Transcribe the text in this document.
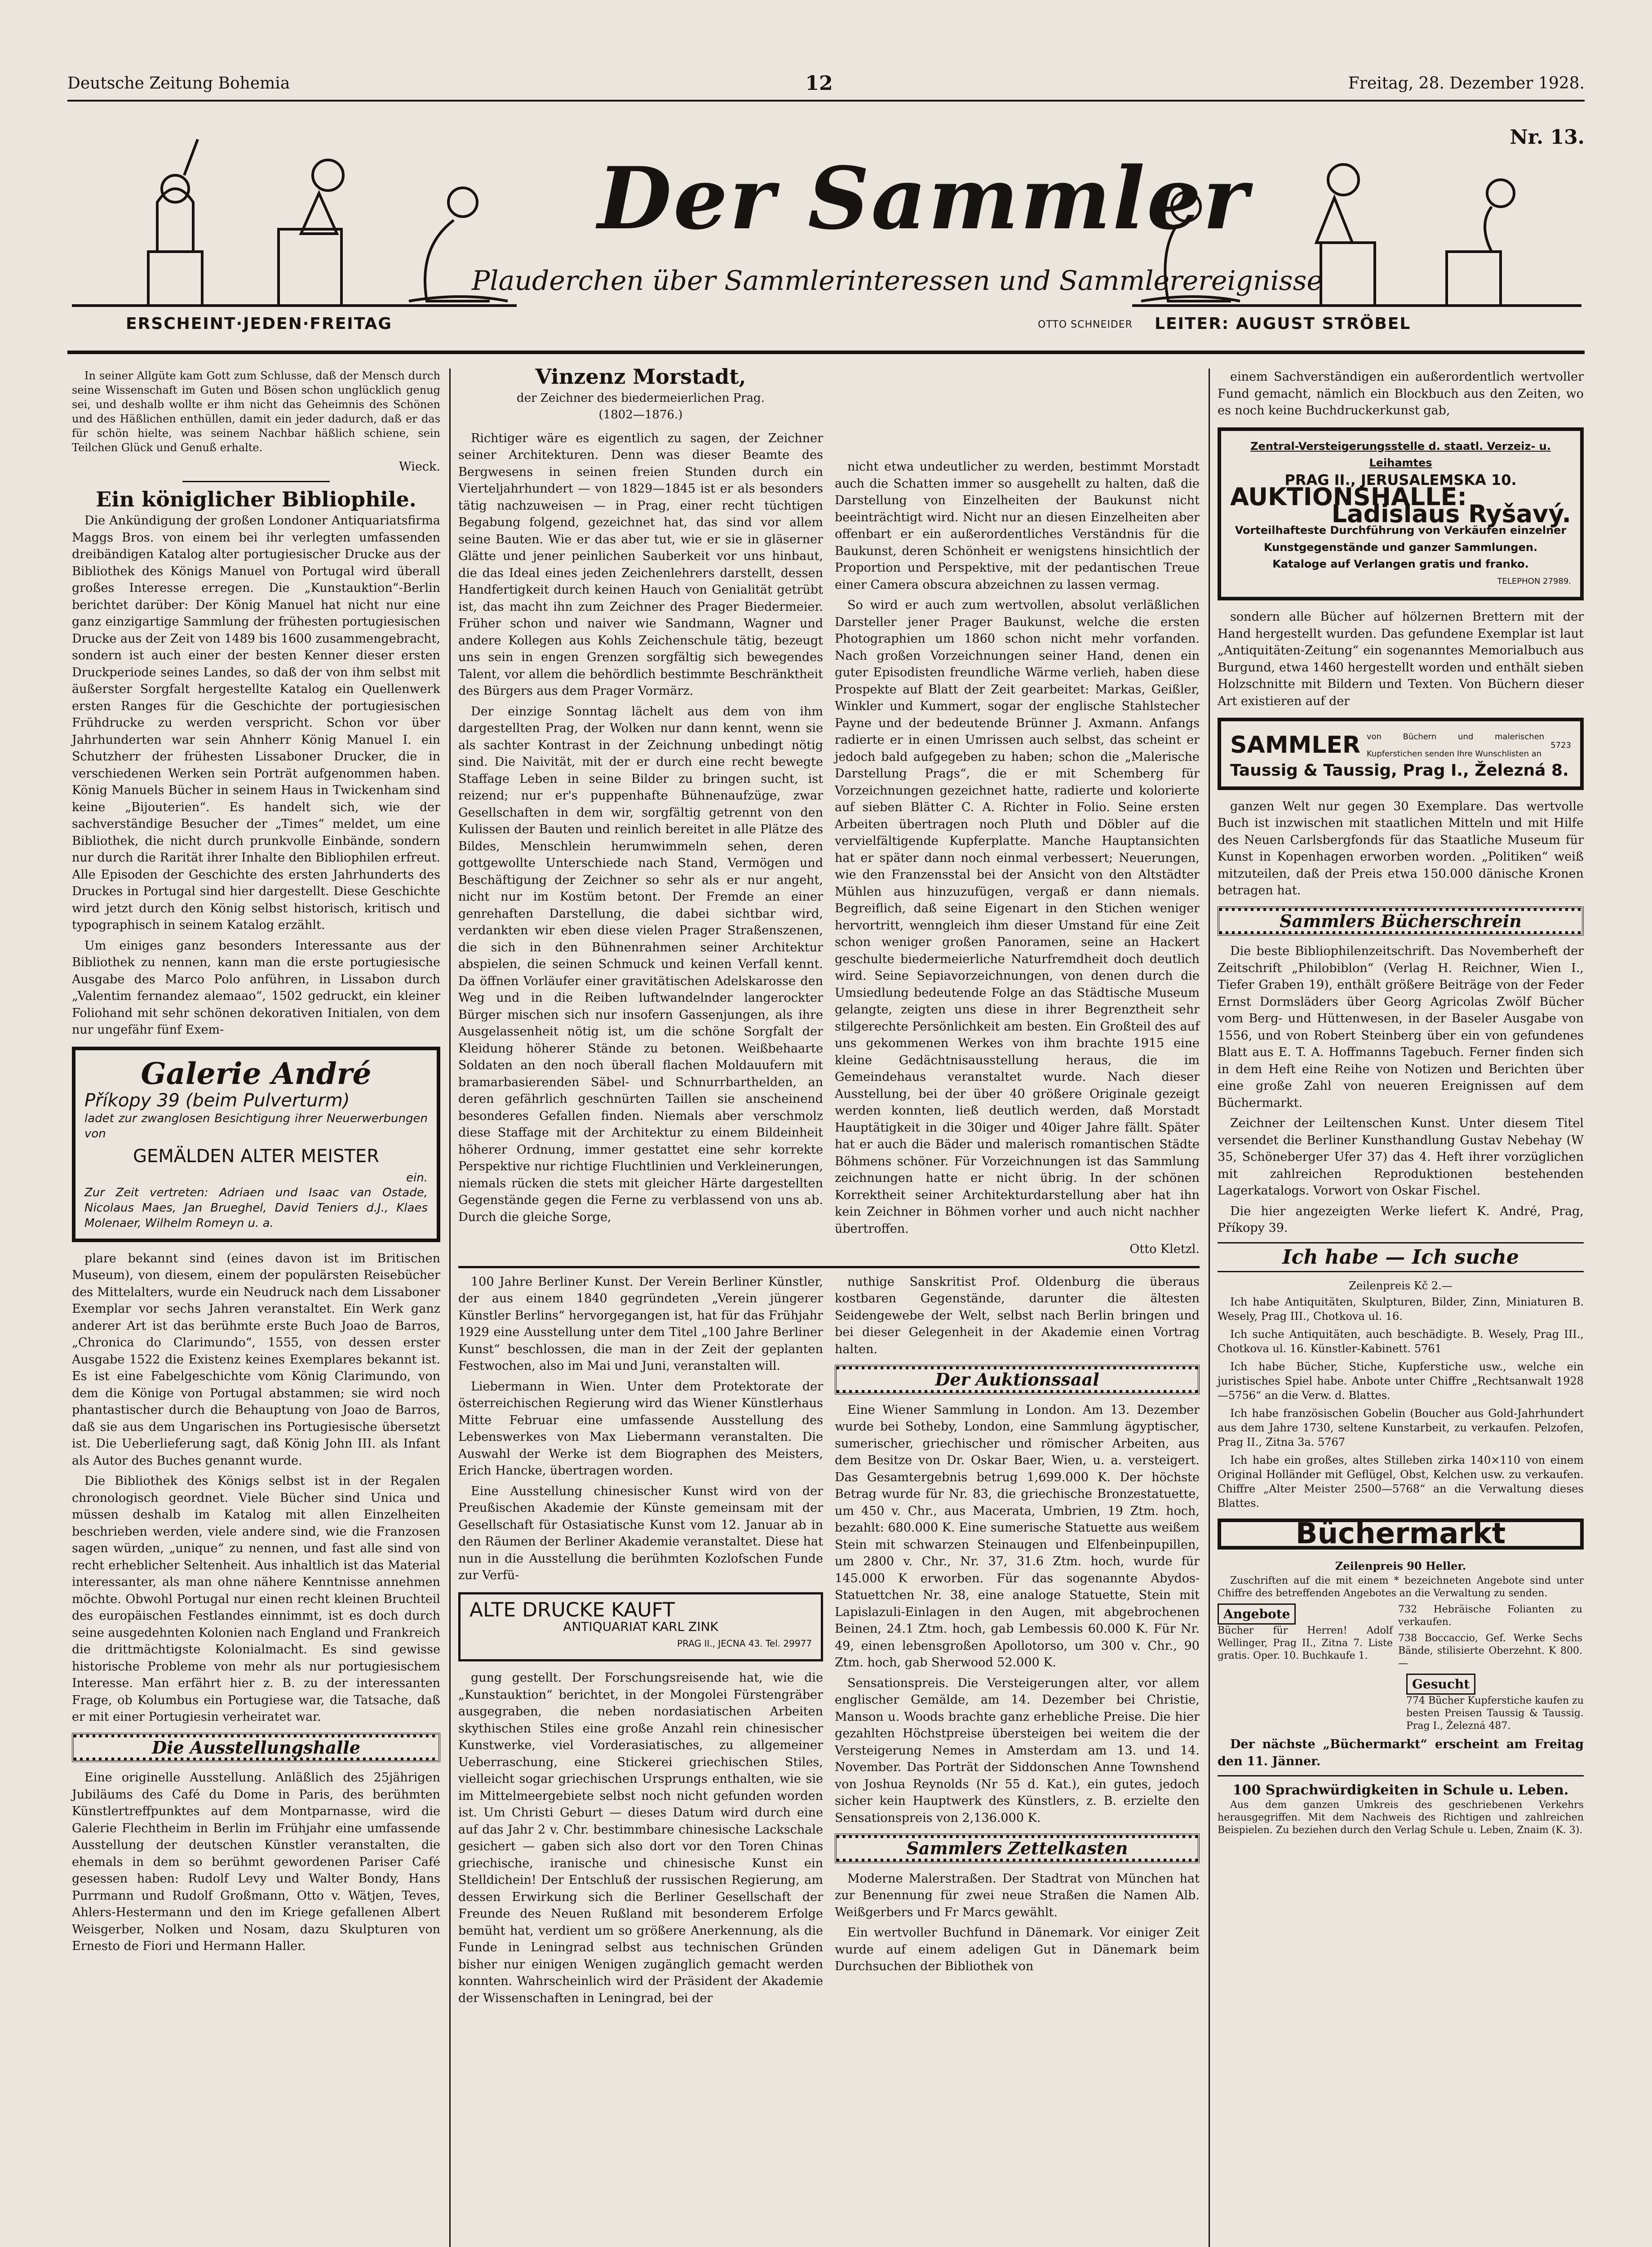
Deutsche Zeitung Bohemia	12	Freitag, 28. Dezember 1928.
Nr. 13.
Der Sammler
Plauderchen über Sammlerinteressen und Sammlerereignisse
ERSCHEINT·JEDEN·FREITAG	OTTO SCHNEIDER LEITER: AUGUST STRÖBEL

In seiner Allgüte kam Gott zum Schlusse, daß der Mensch durch seine Wissenschaft im Guten und Bösen schon unglücklich genug sei, und deshalb wollte er ihm nicht das Geheimnis des Schönen und des Häßlichen enthüllen, damit ein jeder dadurch, daß er das für schön hielte, was seinem Nachbar häßlich schiene, sein Teilchen Glück und Genuß erhalte.

Wieck.
Ein königlicher Bibliophile.

Die Ankündigung der großen Londoner Antiquariatsfirma Maggs Bros. von einem bei ihr verlegten umfassenden dreibändigen Katalog alter portugiesischer Drucke aus der Bibliothek des Königs Manuel von Portugal wird überall großes Interesse erregen. Die „Kunstauktion“-Berlin berichtet darüber: Der König Manuel hat nicht nur eine ganz einzigartige Sammlung der frühesten portugiesischen Drucke aus der Zeit von 1489 bis 1600 zusammengebracht, sondern ist auch einer der besten Kenner dieser ersten Druckperiode seines Landes, so daß der von ihm selbst mit äußerster Sorgfalt hergestellte Katalog ein Quellenwerk ersten Ranges für die Geschichte der portugiesischen Frühdrucke zu werden verspricht. Schon vor über Jahrhunderten war sein Ahnherr König Manuel I. ein Schutzherr der frühesten Lissaboner Drucker, die in verschiedenen Werken sein Porträt aufgenommen haben. König Manuels Bücher in seinem Haus in Twickenham sind keine „Bijouterien“. Es handelt sich, wie der sachverständige Besucher der „Times“ meldet, um eine Bibliothek, die nicht durch prunkvolle Einbände, sondern nur durch die Rarität ihrer Inhalte den Bibliophilen erfreut. Alle Episoden der Geschichte des ersten Jahrhunderts des Druckes in Portugal sind hier dargestellt. Diese Geschichte wird jetzt durch den König selbst historisch, kritisch und typographisch in seinem Katalog erzählt.

Um einiges ganz besonders Interessante aus der Bibliothek zu nennen, kann man die erste portugiesische Ausgabe des Marco Polo anführen, in Lissabon durch „Valentim fernandez alemaao“, 1502 gedruckt, ein kleiner Foliohand mit sehr schönen dekorativen Initialen, von dem nur ungefähr fünf Exem-

Galerie André
Příkopy 39 (beim Pulverturm)
ladet zur zwanglosen Besichtigung ihrer Neuerwerbungen von
GEMÄLDEN ALTER MEISTER
ein.
Zur Zeit vertreten: Adriaen und Isaac van Ostade, Nicolaus Maes, Jan Brueghel, David Teniers d.J., Klaes Molenaer, Wilhelm Romeyn u. a.

plare bekannt sind (eines davon ist im Britischen Museum), von diesem, einem der populärsten Reisebücher des Mittelalters, wurde ein Neudruck nach dem Lissaboner Exemplar vor sechs Jahren veranstaltet. Ein Werk ganz anderer Art ist das berühmte erste Buch Joao de Barros, „Chronica do Clarimundo“, 1555, von dessen erster Ausgabe 1522 die Existenz keines Exemplares bekannt ist. Es ist eine Fabelgeschichte vom König Clarimundo, von dem die Könige von Portugal abstammen; sie wird noch phantastischer durch die Behauptung von Joao de Barros, daß sie aus dem Ungarischen ins Portugiesische übersetzt ist. Die Ueberlieferung sagt, daß König John III. als Infant als Autor des Buches genannt wurde.

Die Bibliothek des Königs selbst ist in der Regalen chronologisch geordnet. Viele Bücher sind Unica und müssen deshalb im Katalog mit allen Einzelheiten beschrieben werden, viele andere sind, wie die Franzosen sagen würden, „unique“ zu nennen, und fast alle sind von recht erheblicher Seltenheit. Aus inhaltlich ist das Material interessanter, als man ohne nähere Kenntnisse annehmen möchte. Obwohl Portugal nur einen recht kleinen Bruchteil des europäischen Festlandes einnimmt, ist es doch durch seine ausgedehnten Kolonien nach England und Frankreich die drittmächtigste Kolonialmacht. Es sind gewisse historische Probleme von mehr als nur portugiesischem Interesse. Man erfährt hier z. B. zu der interessanten Frage, ob Kolumbus ein Portugiese war, die Tatsache, daß er mit einer Portugiesin verheiratet war.

Die Ausstellungshalle

Eine originelle Ausstellung. Anläßlich des 25jährigen Jubiläums des Café du Dome in Paris, des berühmten Künstlertreffpunktes auf dem Montparnasse, wird die Galerie Flechtheim in Berlin im Frühjahr eine umfassende Ausstellung der deutschen Künstler veranstalten, die ehemals in dem so berühmt gewordenen Pariser Café gesessen haben: Rudolf Levy und Walter Bondy, Hans Purrmann und Rudolf Großmann, Otto v. Wätjen, Teves, Ahlers-Hestermann und den im Kriege gefallenen Albert Weisgerber, Nolken und Nosam, dazu Skulpturen von Ernesto de Fiori und Hermann Haller.

Vinzenz Morstadt,
der Zeichner des biedermeierlichen Prag.
(1802—1876.)

Richtiger wäre es eigentlich zu sagen, der Zeichner seiner Architekturen. Denn was dieser Beamte des Bergwesens in seinen freien Stunden durch ein Vierteljahrhundert — von 1829—1845 ist er als besonders tätig nachzuweisen — in Prag, einer recht tüchtigen Begabung folgend, gezeichnet hat, das sind vor allem seine Bauten. Wie er das aber tut, wie er sie in gläserner Glätte und jener peinlichen Sauberkeit vor uns hinbaut, die das Ideal eines jeden Zeichenlehrers darstellt, dessen Handfertigkeit durch keinen Hauch von Genialität getrübt ist, das macht ihn zum Zeichner des Prager Biedermeier. Früher schon und naiver wie Sandmann, Wagner und andere Kollegen aus Kohls Zeichenschule tätig, bezeugt uns sein in engen Grenzen sorgfältig sich bewegendes Talent, vor allem die behördlich bestimmte Beschränktheit des Bürgers aus dem Prager Vormärz.

Der einzige Sonntag lächelt aus dem von ihm dargestellten Prag, der Wolken nur dann kennt, wenn sie als sachter Kontrast in der Zeichnung unbedingt nötig sind. Die Naivität, mit der er durch eine recht bewegte Staffage Leben in seine Bilder zu bringen sucht, ist reizend; nur er's puppenhafte Bühnenaufzüge, zwar Gesellschaften in dem wir, sorgfältig getrennt von den Kulissen der Bauten und reinlich bereitet in alle Plätze des Bildes, Menschlein herumwimmeln sehen, deren gottgewollte Unterschiede nach Stand, Vermögen und Beschäftigung der Zeichner so sehr als er nur angeht, nicht nur im Kostüm betont. Der Fremde an einer genrehaften Darstellung, die dabei sichtbar wird, verdankten wir eben diese vielen Prager Straßenszenen, die sich in den Bühnenrahmen seiner Architektur abspielen, die seinen Schmuck und keinen Verfall kennt. Da öffnen Vorläufer einer gravitätischen Adelskarosse den Weg und in die Reiben luftwandelnder langerockter Bürger mischen sich nur insofern Gassenjungen, als ihre Ausgelassenheit nötig ist, um die schöne Sorgfalt der Kleidung höherer Stände zu betonen. Weißbehaarte Soldaten an den noch überall flachen Moldauufern mit bramarbasierenden Säbel- und Schnurrbarthelden, an deren gefährlich geschnürten Taillen sie anscheinend besonderes Gefallen finden. Niemals aber verschmolz diese Staffage mit der Architektur zu einem Bildeinheit höherer Ordnung, immer gestattet eine sehr korrekte Perspektive nur richtige Fluchtlinien und Verkleinerungen, niemals rücken die stets mit gleicher Härte dargestellten Gegenstände gegen die Ferne zu verblassend von uns ab. Durch die gleiche Sorge,

nicht etwa undeutlicher zu werden, bestimmt Morstadt auch die Schatten immer so ausgehellt zu halten, daß die Darstellung von Einzelheiten der Baukunst nicht beeinträchtigt wird. Nicht nur an diesen Einzelheiten aber offenbart er ein außerordentliches Verständnis für die Baukunst, deren Schönheit er wenigstens hinsichtlich der Proportion und Perspektive, mit der pedantischen Treue einer Camera obscura abzeichnen zu lassen vermag.

So wird er auch zum wertvollen, absolut verläßlichen Darsteller jener Prager Baukunst, welche die ersten Photographien um 1860 schon nicht mehr vorfanden. Nach großen Vorzeichnungen seiner Hand, denen ein guter Episodisten freundliche Wärme verlieh, haben diese Prospekte auf Blatt der Zeit gearbeitet: Markas, Geißler, Winkler und Kummert, sogar der englische Stahlstecher Payne und der bedeutende Brünner J. Axmann. Anfangs radierte er in einen Umrissen auch selbst, das scheint er jedoch bald aufgegeben zu haben; schon die „Malerische Darstellung Prags“, die er mit Schemberg für Vorzeichnungen gezeichnet hatte, radierte und kolorierte auf sieben Blätter C. A. Richter in Folio. Seine ersten Arbeiten übertragen noch Pluth und Döbler auf die vervielfältigende Kupferplatte. Manche Hauptansichten hat er später dann noch einmal verbessert; Neuerungen, wie den Franzensstal bei der Ansicht von den Altstädter Mühlen aus hinzuzufügen, vergaß er dann niemals. Begreiflich, daß seine Eigenart in den Stichen weniger hervortritt, wenngleich ihm dieser Umstand für eine Zeit schon weniger großen Panoramen, seine an Hackert geschulte biedermeierliche Naturfremdheit doch deutlich wird. Seine Sepiavorzeichnungen, von denen durch die Umsiedlung bedeutende Folge an das Städtische Museum gelangte, zeigten uns diese in ihrer Begrenztheit sehr stilgerechte Persönlichkeit am besten. Ein Großteil des auf uns gekommenen Werkes von ihm brachte 1915 eine kleine Gedächtnisausstellung heraus, die im Gemeindehaus veranstaltet wurde. Nach dieser Ausstellung, bei der über 40 größere Originale gezeigt werden konnten, ließ deutlich werden, daß Morstadt Hauptätigkeit in die 30iger und 40iger Jahre fällt. Später hat er auch die Bäder und malerisch romantischen Städte Böhmens schöner. Für Vorzeichnungen ist das Sammlung zeichnungen hatte er nicht übrig. In der schönen Korrektheit seiner Architekturdarstellung aber hat ihn kein Zeichner in Böhmen vorher und auch nicht nachher übertroffen.

Otto Kletzl.

100 Jahre Berliner Kunst. Der Verein Berliner Künstler, der aus einem 1840 gegründeten „Verein jüngerer Künstler Berlins“ hervorgegangen ist, hat für das Frühjahr 1929 eine Ausstellung unter dem Titel „100 Jahre Berliner Kunst“ beschlossen, die man in der Zeit der geplanten Festwochen, also im Mai und Juni, veranstalten will.

Liebermann in Wien. Unter dem Protektorate der österreichischen Regierung wird das Wiener Künstlerhaus Mitte Februar eine umfassende Ausstellung des Lebenswerkes von Max Liebermann veranstalten. Die Auswahl der Werke ist dem Biographen des Meisters, Erich Hancke, übertragen worden.

Eine Ausstellung chinesischer Kunst wird von der Preußischen Akademie der Künste gemeinsam mit der Gesellschaft für Ostasiatische Kunst vom 12. Januar ab in den Räumen der Berliner Akademie veranstaltet. Diese hat nun in die Ausstellung die berühmten Kozlofschen Funde zur Verfü-

ALTE DRUCKE KAUFT
ANTIQUARIAT KARL ZINK
PRAG II., JECNA 43. Tel. 29977

gung gestellt. Der Forschungsreisende hat, wie die „Kunstauktion“ berichtet, in der Mongolei Fürstengräber ausgegraben, die neben nordasiatischen Arbeiten skythischen Stiles eine große Anzahl rein chinesischer Kunstwerke, viel Vorderasiatisches, zu allgemeiner Ueberraschung, eine Stickerei griechischen Stiles, vielleicht sogar griechischen Ursprungs enthalten, wie sie im Mittelmeergebiete selbst noch nicht gefunden worden ist. Um Christi Geburt — dieses Datum wird durch eine auf das Jahr 2 v. Chr. bestimmbare chinesische Lackschale gesichert — gaben sich also dort vor den Toren Chinas griechische, iranische und chinesische Kunst ein Stelldichein! Der Entschluß der russischen Regierung, am dessen Erwirkung sich die Berliner Gesellschaft der Freunde des Neuen Rußland mit besonderem Erfolge bemüht hat, verdient um so größere Anerkennung, als die Funde in Leningrad selbst aus technischen Gründen bisher nur einigen Wenigen zugänglich gemacht werden konnten. Wahrscheinlich wird der Präsident der Akademie der Wissenschaften in Leningrad, bei der

nuthige Sanskritist Prof. Oldenburg die überaus kostbaren Gegenstände, darunter die ältesten Seidengewebe der Welt, selbst nach Berlin bringen und bei dieser Gelegenheit in der Akademie einen Vortrag halten.

Der Auktionssaal

Eine Wiener Sammlung in London. Am 13. Dezember wurde bei Sotheby, London, eine Sammlung ägyptischer, sumerischer, griechischer und römischer Arbeiten, aus dem Besitze von Dr. Oskar Baer, Wien, u. a. versteigert. Das Gesamtergebnis betrug 1,699.000 K. Der höchste Betrag wurde für Nr. 83, die griechische Bronzestatuette, um 450 v. Chr., aus Macerata, Umbrien, 19 Ztm. hoch, bezahlt: 680.000 K. Eine sumerische Statuette aus weißem Stein mit schwarzen Steinaugen und Elfenbeinpupillen, um 2800 v. Chr., Nr. 37, 31.6 Ztm. hoch, wurde für 145.000 K erworben. Für das sogenannte Abydos-Statuettchen Nr. 38, eine analoge Statuette, Stein mit Lapislazuli-Einlagen in den Augen, mit abgebrochenen Beinen, 24.1 Ztm. hoch, gab Lembessis 60.000 K. Für Nr. 49, einen lebensgroßen Apollotorso, um 300 v. Chr., 90 Ztm. hoch, gab Sherwood 52.000 K.

Sensationspreis. Die Versteigerungen alter, vor allem englischer Gemälde, am 14. Dezember bei Christie, Manson u. Woods brachte ganz erhebliche Preise. Die hier gezahlten Höchstpreise übersteigen bei weitem die der Versteigerung Nemes in Amsterdam am 13. und 14. November. Das Porträt der Siddonschen Anne Townshend von Joshua Reynolds (Nr 55 d. Kat.), ein gutes, jedoch sicher kein Hauptwerk des Künstlers, z. B. erzielte den Sensationspreis von 2,136.000 K.

Sammlers Zettelkasten

Moderne Malerstraßen. Der Stadtrat von München hat zur Benennung für zwei neue Straßen die Namen Alb. Weißgerbers und Fr Marcs gewählt.

Ein wertvoller Buchfund in Dänemark. Vor einiger Zeit wurde auf einem adeligen Gut in Dänemark beim Durchsuchen der Bibliothek von

einem Sachverständigen ein außerordentlich wertvoller Fund gemacht, nämlich ein Blockbuch aus den Zeiten, wo es noch keine Buchdruckerkunst gab,

Zentral-Versteigerungsstelle d. staatl. Verzeiz- u. Leihamtes
PRAG II., JERUSALEMSKA 10.
AUKTIONSHALLE:
Ladislaus Ryšavý.
Vorteilhafteste Durchführung von Verkäufen einzelner Kunstgegenstände und ganzer Sammlungen.
Kataloge auf Verlangen gratis und franko.
TELEPHON 27989.

sondern alle Bücher auf hölzernen Brettern mit der Hand hergestellt wurden. Das gefundene Exemplar ist laut „Antiquitäten-Zeitung“ ein sogenanntes Memorialbuch aus Burgund, etwa 1460 hergestellt worden und enthält sieben Holzschnitte mit Bildern und Texten. Von Büchern dieser Art existieren auf der

SAMMLER von Büchern und malerischen Kupferstichen senden Ihre Wunschlisten an
5723
Taussig & Taussig, Prag I., Železná 8.

ganzen Welt nur gegen 30 Exemplare. Das wertvolle Buch ist inzwischen mit staatlichen Mitteln und mit Hilfe des Neuen Carlsbergfonds für das Staatliche Museum für Kunst in Kopenhagen erworben worden. „Politiken“ weiß mitzuteilen, daß der Preis etwa 150.000 dänische Kronen betragen hat.

Sammlers Bücherschrein

Die beste Bibliophilenzeitschrift. Das Novemberheft der Zeitschrift „Philobiblon“ (Verlag H. Reichner, Wien I., Tiefer Graben 19), enthält größere Beiträge von der Feder Ernst Dormsläders über Georg Agricolas Zwölf Bücher vom Berg- und Hüttenwesen, in der Baseler Ausgabe von 1556, und von Robert Steinberg über ein von gefundenes Blatt aus E. T. A. Hoffmanns Tagebuch. Ferner finden sich in dem Heft eine Reihe von Notizen und Berichten über eine große Zahl von neueren Ereignissen auf dem Büchermarkt.

Zeichner der Leiltenschen Kunst. Unter diesem Titel versendet die Berliner Kunsthandlung Gustav Nebehay (W 35, Schöneberger Ufer 37) das 4. Heft ihrer vorzüglichen mit zahlreichen Reproduktionen bestehenden Lagerkatalogs. Vorwort von Oskar Fischel.

Die hier angezeigten Werke liefert K. André, Prag, Příkopy 39.

Ich habe — Ich suche
Zeilenpreis Kč 2.—

Ich habe Antiquitäten, Skulpturen, Bilder, Zinn, Miniaturen B. Wesely, Prag III., Chotkova ul. 16.

Ich suche Antiquitäten, auch beschädigte. B. Wesely, Prag III., Chotkova ul. 16. Künstler-Kabinett. 5761

Ich habe Bücher, Stiche, Kupferstiche usw., welche ein juristisches Spiel habe. Anbote unter Chiffre „Rechtsanwalt 1928—5756“ an die Verw. d. Blattes.

Ich habe französischen Gobelin (Boucher aus Gold-Jahrhundert aus dem Jahre 1730, seltene Kunstarbeit, zu verkaufen. Pelzofen, Prag II., Zitna 3a. 5767

Ich habe ein großes, altes Stilleben zirka 140×110 von einem Original Holländer mit Geflügel, Obst, Kelchen usw. zu verkaufen. Chiffre „Alter Meister 2500—5768“ an die Verwaltung dieses Blattes.

Büchermarkt
Zeilenpreis 90 Heller.

Zuschriften auf die mit einem * bezeichneten Angebote sind unter Chiffre des betreffenden Angebotes an die Verwaltung zu senden.

Angebote

Bücher für Herren! Adolf Wellinger, Prag II., Zitna 7. Liste gratis. Oper. 10. Buchkaufe 1.

732 Hebräische Folianten zu verkaufen.

738 Boccaccio, Gef. Werke Sechs Bände, stilisierte Oberzehnt. K 800.—

Gesucht

774 Bücher Kupferstiche kaufen zu besten Preisen Taussig & Taussig. Prag I., Železná 487.

Der nächste „Büchermarkt“ erscheint am Freitag den 11. Jänner.

100 Sprachwürdigkeiten in Schule u. Leben.

Aus dem ganzen Umkreis des geschriebenen Verkehrs herausgegriffen. Mit dem Nachweis des Richtigen und zahlreichen Beispielen. Zu beziehen durch den Verlag Schule u. Leben, Znaim (K. 3).
